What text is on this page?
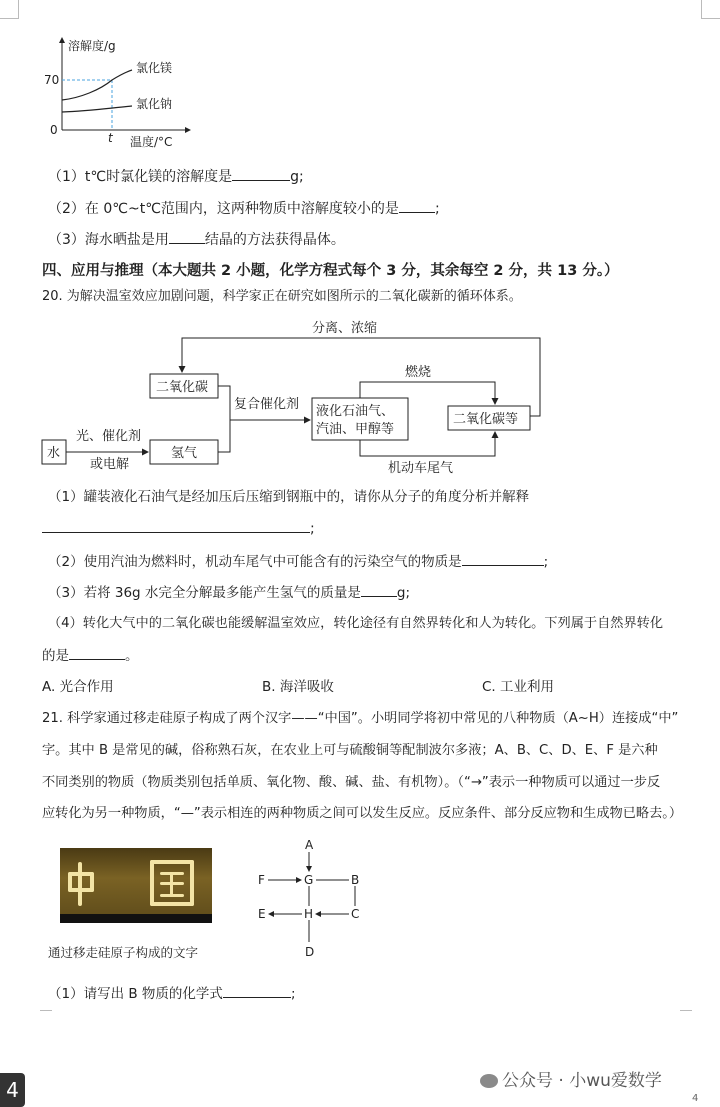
溶解度/g
70
0
氯化镁
氯化钠
t 温度/°C
（1）t℃时氯化镁的溶解度是	g;
（2）在 0℃~t℃范围内，这两种物质中溶解度较小的是	;
（3）海水晒盐是用	结晶的方法获得晶体。
四、应用与推理（本大题共 2 小题，化学方程式每个 3 分，其余每空 2 分，共 13 分。）
20. 为解决温室效应加剧问题，科学家正在研究如图所示的二氧化碳新的循环体系。
分离、浓缩
二氧化碳
复合催化剂 液化石油气、
汽油、甲醇等
燃烧
二氧化碳等
机动车尾气
水
光、催化剂
或电解
氢气
（1）罐装液化石油气是经加压后压缩到钢瓶中的，请你从分子的角度分析并解释
;
（2）使用汽油为燃料时，机动车尾气中可能含有的污染空气的物质是	;
（3）若将 36g 水完全分解最多能产生氢气的质量是	g;
（4）转化大气中的二氧化碳也能缓解温室效应，转化途径有自然界转化和人为转化。下列属于自然界转化
的是	。
A. 光合作用	B. 海洋吸收	C. 工业利用
21. 科学家通过移走硅原子构成了两个汉字——“中国”。小明同学将初中常见的八种物质（A~H）连接成“中”
字。其中 B 是常见的碱，俗称熟石灰，在农业上可与硫酸铜等配制波尔多液；A、B、C、D、E、F 是六种
不同类别的物质（物质类别包括单质、氧化物、酸、碱、盐、有机物）。（“→”表示一种物质可以通过一步反
应转化为另一种物质，“—”表示相连的两种物质之间可以发生反应。反应条件、部分反应物和生成物已略去。）
通过移走硅原子构成的文字
A
F	G	B
E	H	C
D
（1）请写出 B 物质的化学式	;
4	公众号 · 小wu爱数学
4
